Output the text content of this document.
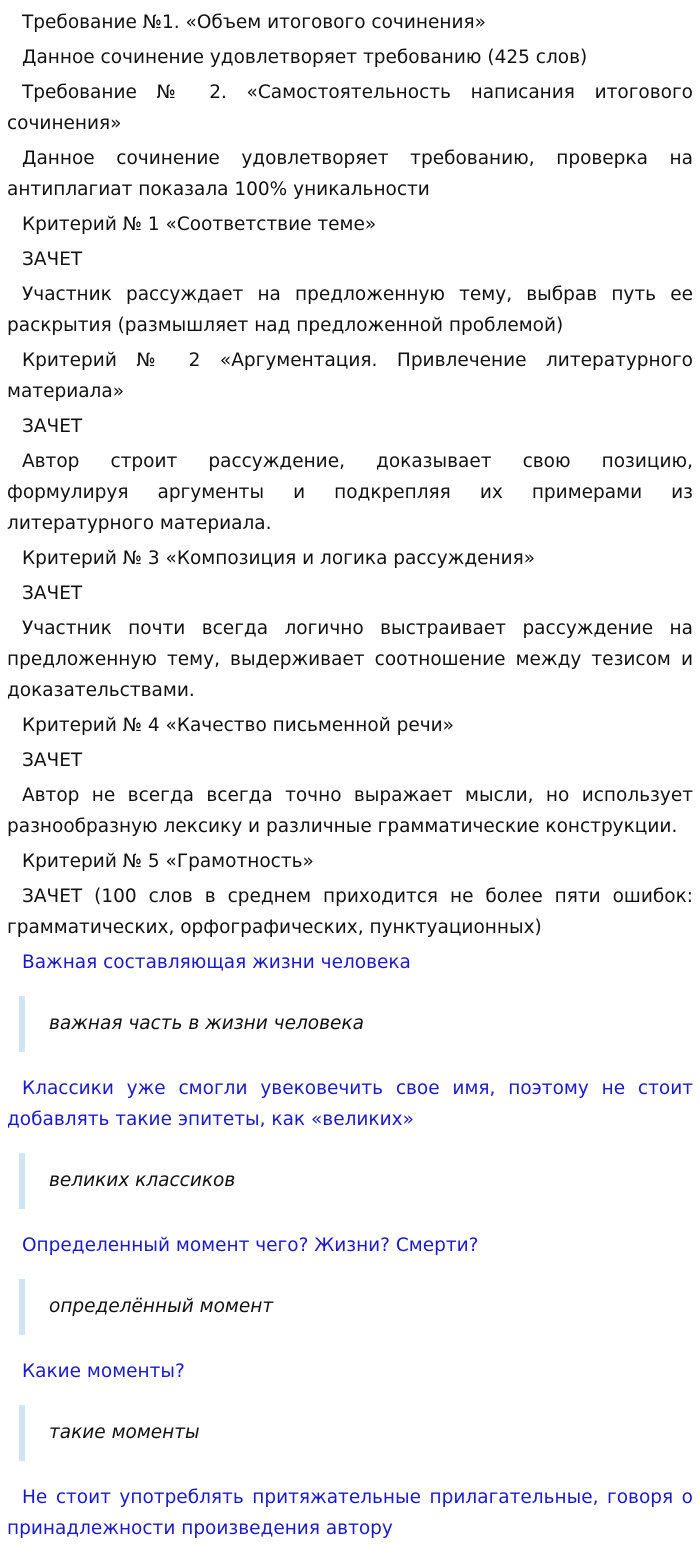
Требование №1. «Объем итогового сочинения»

Данное сочинение удовлетворяет требованию (425 слов)

Требование № 2. «Самостоятельность написания итогового сочинения»

Данное сочинение удовлетворяет требованию, проверка на антиплагиат показала 100% уникальности

Критерий № 1 «Соответствие теме»

ЗАЧЕТ

Участник рассуждает на предложенную тему, выбрав путь ее раскрытия (размышляет над предложенной проблемой)

Критерий № 2 «Аргументация. Привлечение литературного материала»

ЗАЧЕТ

Автор строит рассуждение, доказывает свою позицию, формулируя аргументы и подкрепляя их примерами из литературного материала.

Критерий № 3 «Композиция и логика рассуждения»

ЗАЧЕТ

Участник почти всегда логично выстраивает рассуждение на предложенную тему, выдерживает соотношение между тезисом и доказательствами.

Критерий № 4 «Качество письменной речи»

ЗАЧЕТ

Автор не всегда всегда точно выражает мысли, но использует разнообразную лексику и различные грамматические конструкции.

Критерий № 5 «Грамотность»

ЗАЧЕТ (100 слов в среднем приходится не более пяти ошибок: грамматических, орфографических, пунктуационных)

Важная составляющая жизни человека

важная часть в жизни человека

Классики уже смогли увековечить свое имя, поэтому не стоит добавлять такие эпитеты, как «великих»

великих классиков

Определенный момент чего? Жизни? Смерти?

определённый момент

Какие моменты?

такие моменты

Не стоит употреблять притяжательные прилагательные, говоря о принадлежности произведения автору
